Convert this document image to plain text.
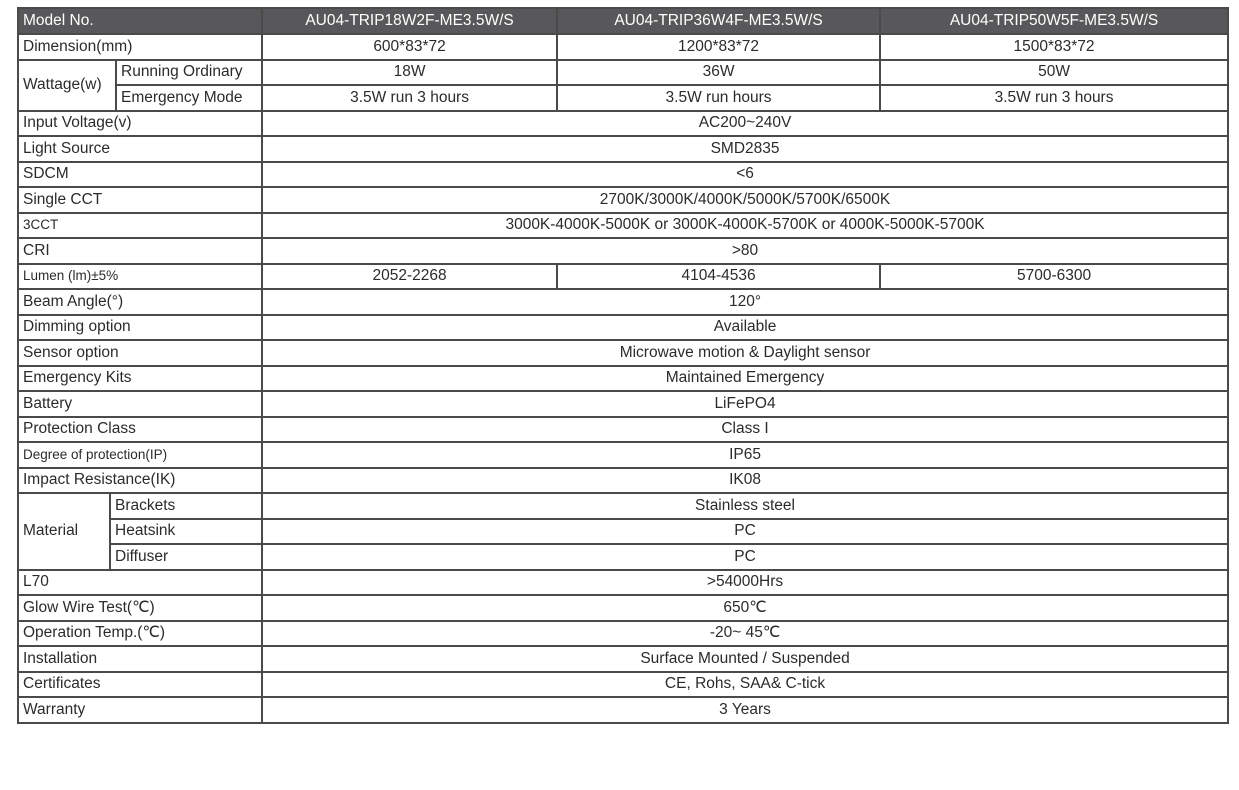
Model No.			AU04-TRIP18W2F-ME3.5W/S	AU04-TRIP36W4F-ME3.5W/S	AU04-TRIP50W5F-ME3.5W/S
Dimension(mm)			600*83*72	1200*83*72	1500*83*72
Wattage(w)		Running Ordinary	18W	36W	50W
		Emergency Mode	3.5W run 3 hours	3.5W run hours	3.5W run 3 hours
Input Voltage(v)			AC200~240V		
Light Source			SMD2835		
SDCM			<6		
Single CCT			2700K/3000K/4000K/5000K/5700K/6500K		
3CCT			3000K-4000K-5000K or 3000K-4000K-5700K or 4000K-5000K-5700K		
CRI			>80		
Lumen (lm)±5%			2052-2268	4104-4536	5700-6300
Beam Angle(°)			120°		
Dimming option			Available		
Sensor option			Microwave motion & Daylight sensor		
Emergency Kits			Maintained Emergency		
Battery			LiFePO4		
Protection Class			Class I		
Degree of protection(IP)			IP65		
Impact Resistance(IK)			IK08		
Material	Brackets		Stainless steel		
	Heatsink		PC		
	Diffuser		PC		
L70			>54000Hrs		
Glow Wire Test(℃)			650℃		
Operation Temp.(℃)			-20~ 45℃		
Installation			Surface Mounted / Suspended		
Certificates			CE, Rohs, SAA& C-tick		
Warranty			3 Years		
